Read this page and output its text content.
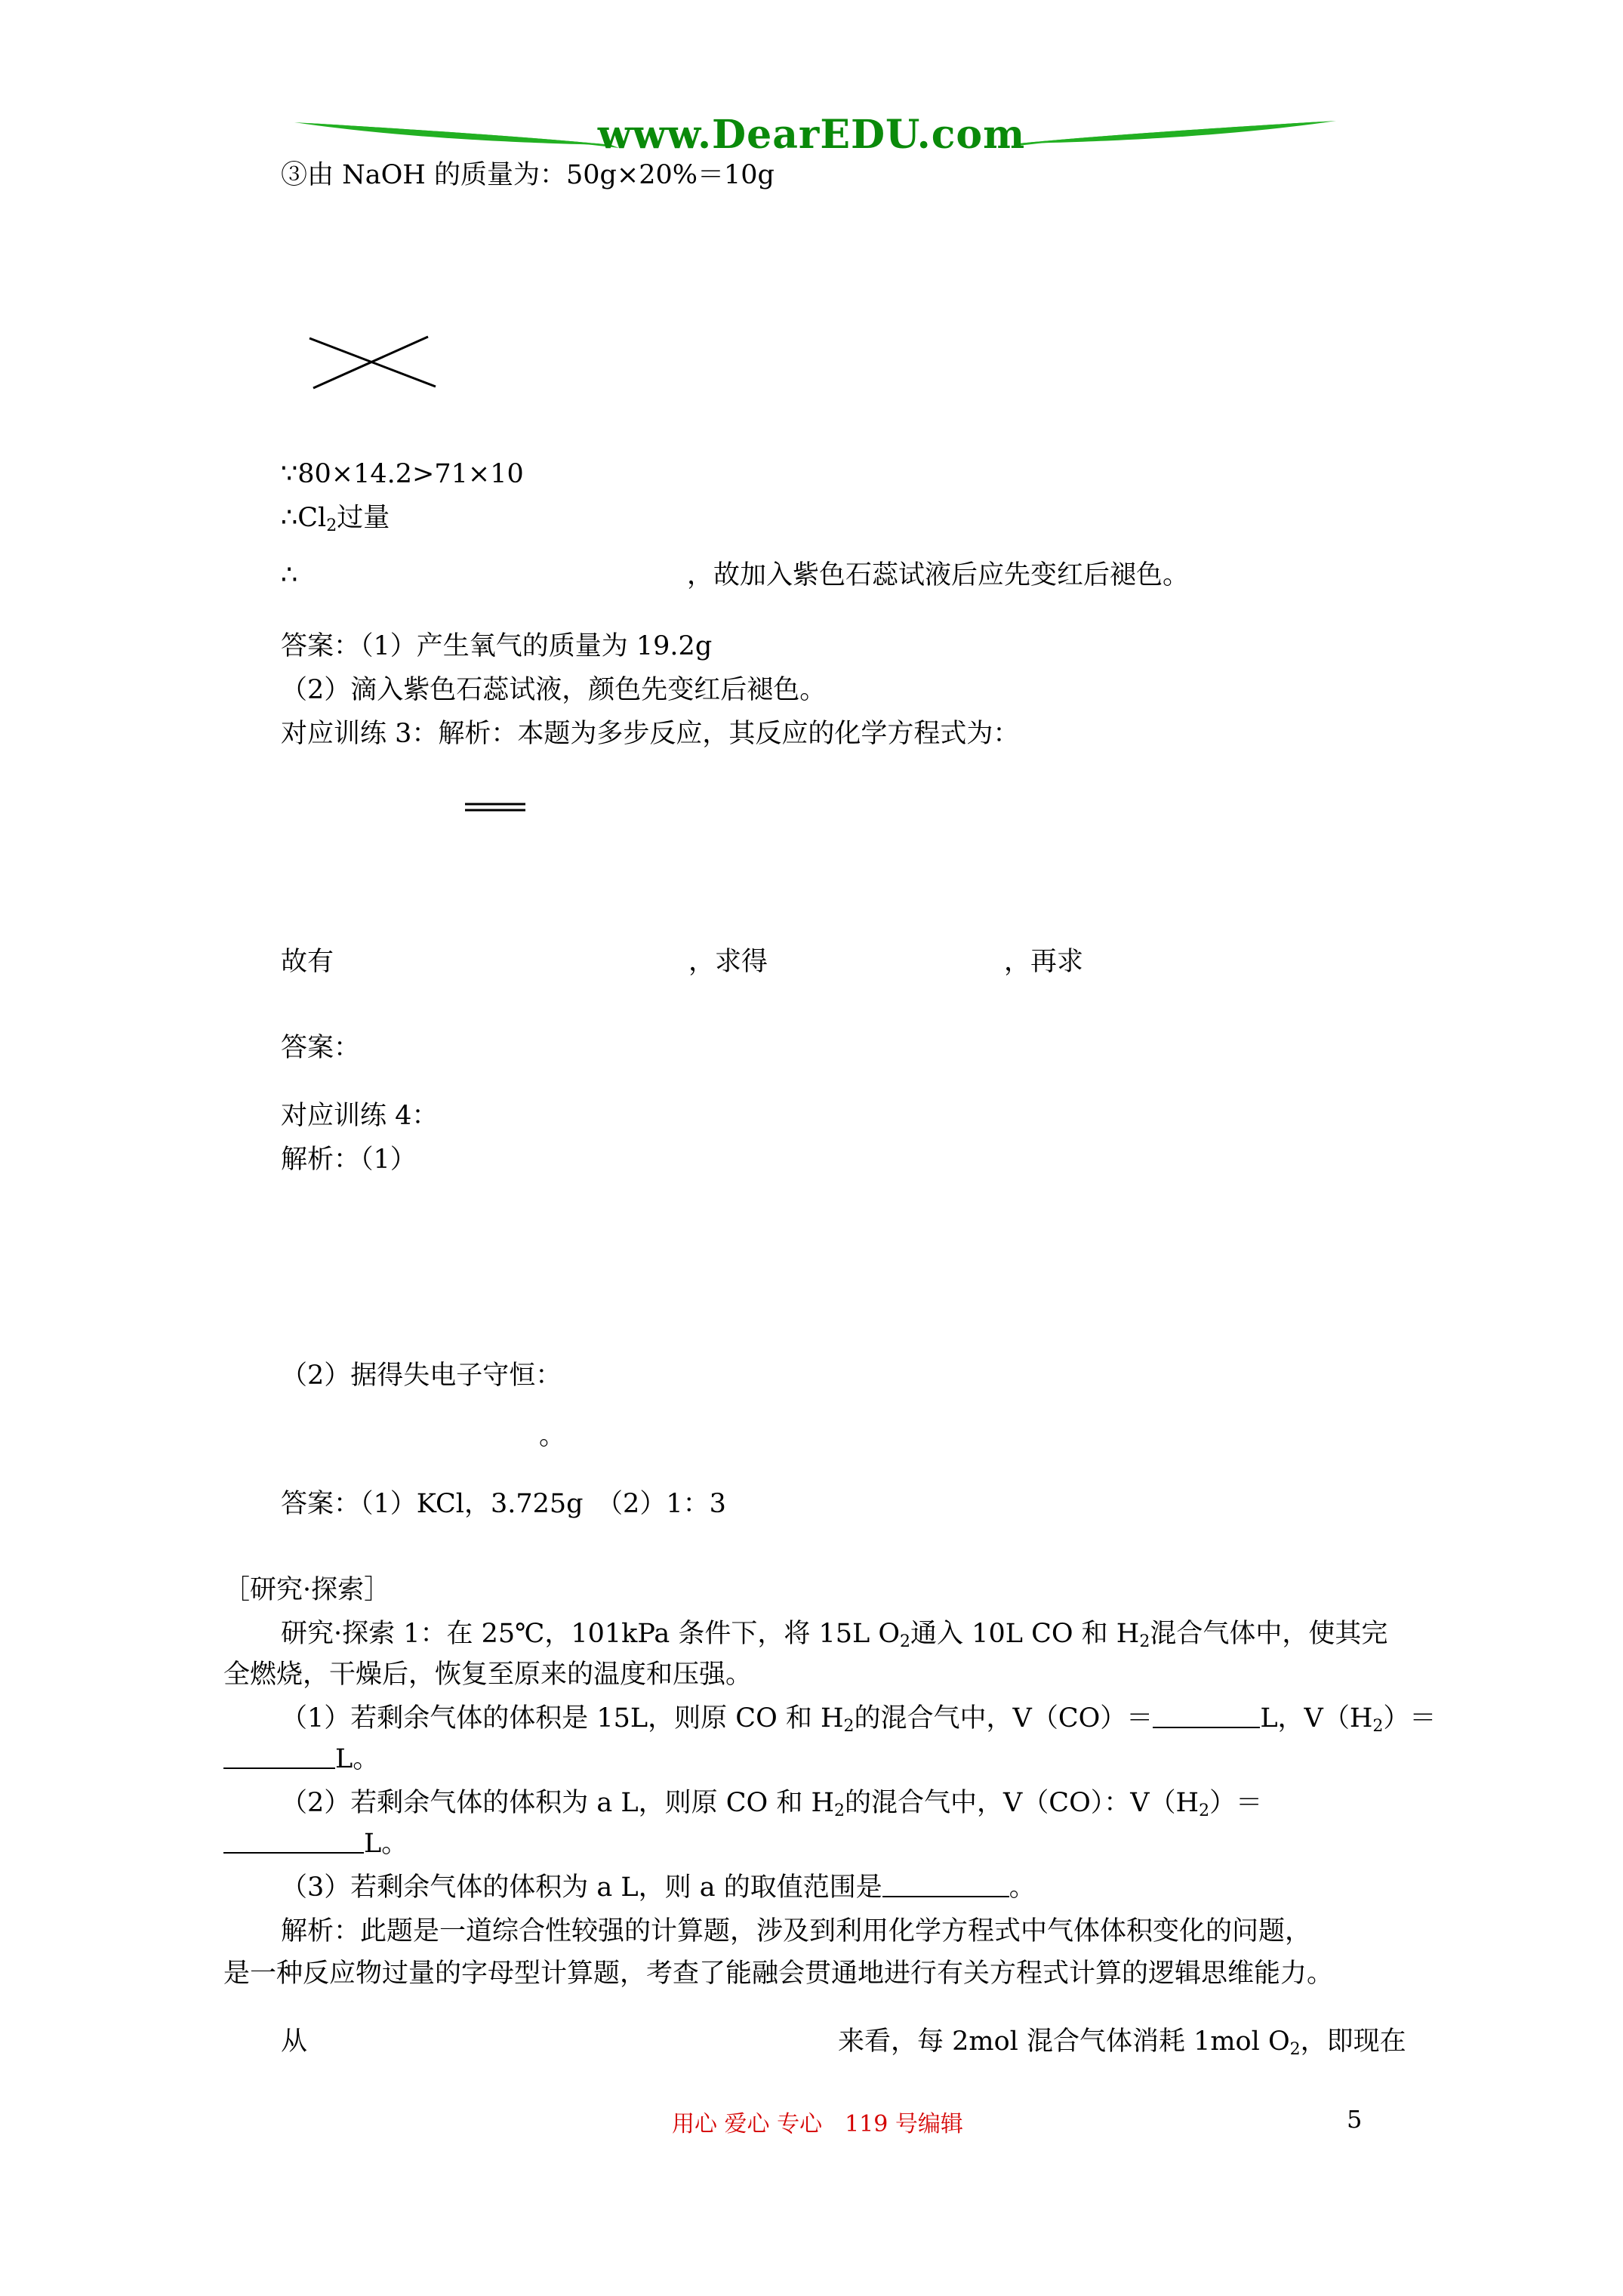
www.DearEDU.com
③由 NaOH 的质量为：50g×20%＝10g
∵80×14.2>71×10
$\therefore Cl_2$过量
∴	，故加入紫色石蕊试液后应先变红后褪色。
答案：（1）产生氧气的质量为 19.2g
（2）滴入紫色石蕊试液，颜色先变红后褪色。
对应训练 3：解析：本题为多步反应，其反应的化学方程式为：
故有	，求得	，再求
答案：
对应训练 4：
解析：（1）
（2）据得失电子守恒：
。
答案：（1）KCl，3.725g　（2）1：3
［研究·探索］
研究·探索 1：在 25℃，101kPa 条件下，将 15L $O_2$通入 10L CO 和 $H_2$混合气体中，使其完
全燃烧，干燥后，恢复至原来的温度和压强。
（1）若剩余气体的体积是 15L，则原 CO 和 $H_2$的混合气中，V（CO）＝	L，$V(H_2)=$
L。
（2）若剩余气体的体积为 a L，则原 CO 和 $H_2$的混合气中，V（CO）：$V(H_2)=$
L。
（3）若剩余气体的体积为 a L，则 a 的取值范围是	。
解析：此题是一道综合性较强的计算题，涉及到利用化学方程式中气体体积变化的问题，
是一种反应物过量的字母型计算题，考查了能融会贯通地进行有关方程式计算的逻辑思维能力。
从	来看，每 2mol 混合气体消耗 1mol $O_2$，即现在
用心 爱心 专心　119 号编辑	5
